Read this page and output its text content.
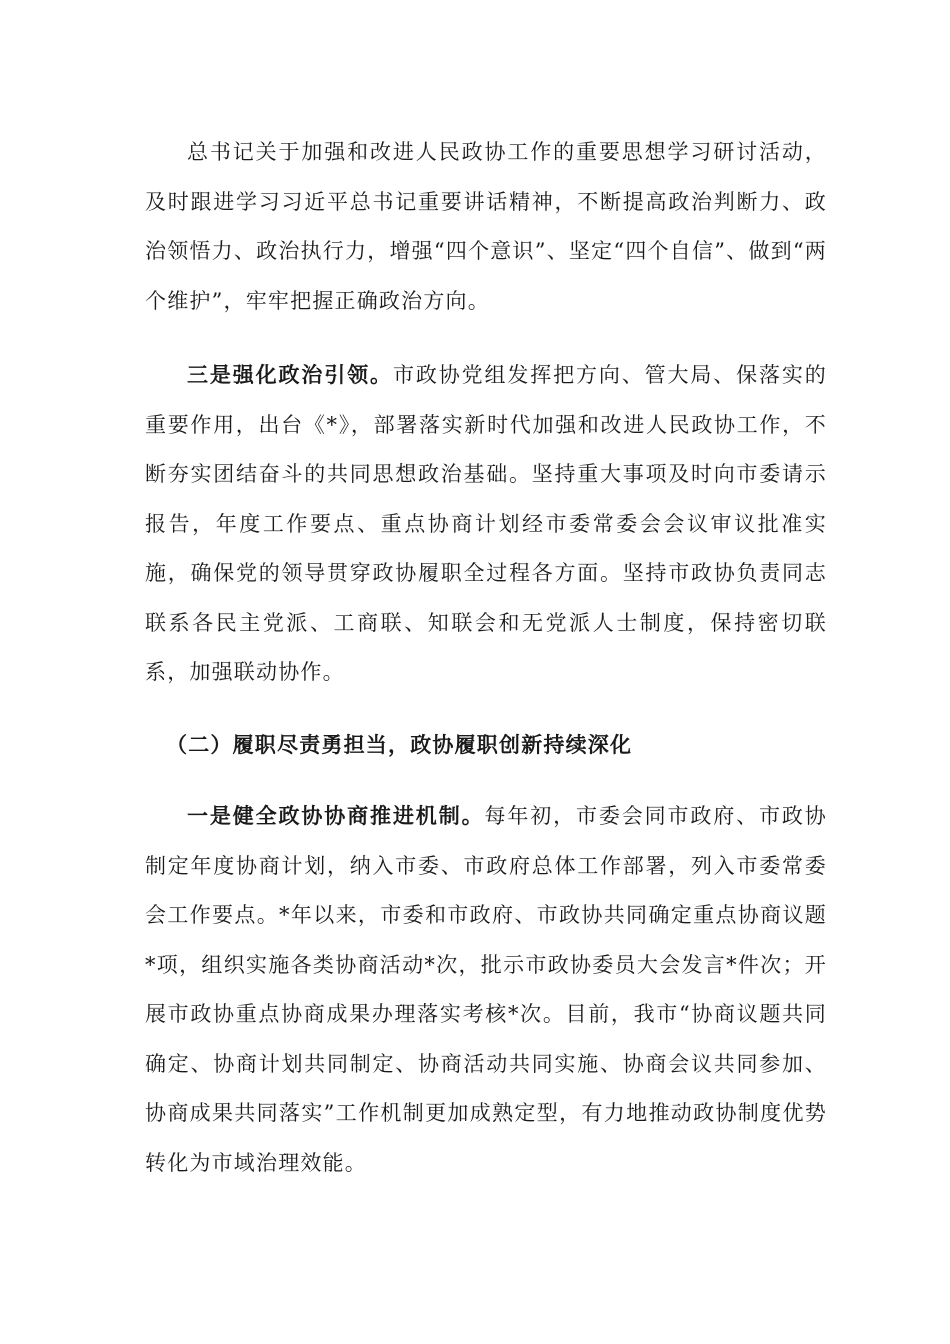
总书记关于加强和改进人民政协工作的重要思想学习研讨活动，及时跟进学习习近平总书记重要讲话精神，不断提高政治判断力、政治领悟力、政治执行力，增强“四个意识”、坚定“四个自信”、做到“两个维护”，牢牢把握正确政治方向。

三是强化政治引领。市政协党组发挥把方向、管大局、保落实的重要作用，出台《*》，部署落实新时代加强和改进人民政协工作，不断夯实团结奋斗的共同思想政治基础。坚持重大事项及时向市委请示报告，年度工作要点、重点协商计划经市委常委会会议审议批准实施，确保党的领导贯穿政协履职全过程各方面。坚持市政协负责同志联系各民主党派、工商联、知联会和无党派人士制度，保持密切联系，加强联动协作。

（二）履职尽责勇担当，政协履职创新持续深化

一是健全政协协商推进机制。每年初，市委会同市政府、市政协制定年度协商计划，纳入市委、市政府总体工作部署，列入市委常委会工作要点。*年以来，市委和市政府、市政协共同确定重点协商议题*项，组织实施各类协商活动*次，批示市政协委员大会发言*件次；开展市政协重点协商成果办理落实考核*次。目前，我市“协商议题共同确定、协商计划共同制定、协商活动共同实施、协商会议共同参加、协商成果共同落实”工作机制更加成熟定型，有力地推动政协制度优势转化为市域治理效能。
